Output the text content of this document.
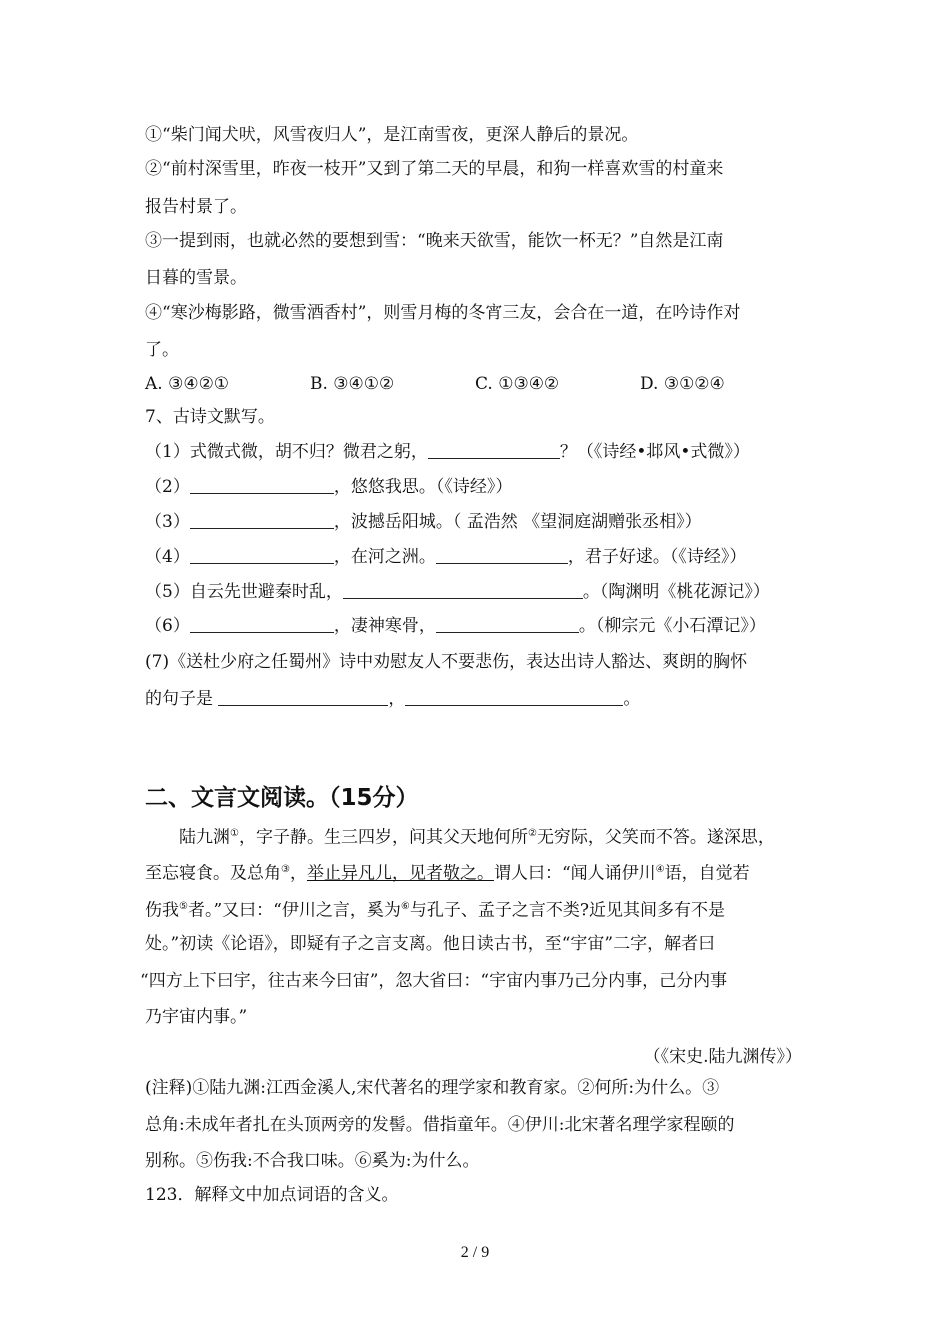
①“柴门闻犬吠，风雪夜归人”，是江南雪夜，更深人静后的景况。
②“前村深雪里，昨夜一枝开”又到了第二天的早晨，和狗一样喜欢雪的村童来
报告村景了。
③一提到雨，也就必然的要想到雪：“晚来天欲雪，能饮一杯无？”自然是江南
日暮的雪景。
④“寒沙梅影路，微雪酒香村”，则雪月梅的冬宵三友，会合在一道，在吟诗作对
了。
A. ③④②①	B. ③④①②	C. ①③④②	D. ③①②④
7、古诗文默写。
（1）式微式微，胡不归？微君之躬，	？（《诗经•邶风•式微》）
（2）	，悠悠我思。（《诗经》）
（3）	，波撼岳阳城。（ 孟浩然 《望洞庭湖赠张丞相》）
（4）	，在河之洲。	，君子好逑。（《诗经》）
（5）自云先世避秦时乱，	。（陶渊明《桃花源记》）
（6）	，凄神寒骨，	。（柳宗元《小石潭记》）
(7)《送杜少府之任蜀州》诗中劝慰友人不要悲伤，表达出诗人豁达、爽朗的胸怀
的句子是	，	。
二、文言文阅读。（15分）
陆九渊①，字子静。生三四岁，问其父天地何所②无穷际，父笑而不答。遂深思，
至忘寝食。及总角③，举止异凡儿，见者敬之。谓人曰：“闻人诵伊川④语，自觉若
伤我⑤者。”又曰：“伊川之言，奚为⑥与孔子、孟子之言不类?近见其间多有不是
处。”初读《论语》，即疑有子之言支离。他日读古书，至“宇宙”二字，解者曰
“四方上下曰宇，往古来今曰宙”，忽大省曰：“宇宙内事乃己分内事，己分内事
乃宇宙内事。”
（《宋史.陆九渊传》）
(注释)①陆九渊:江西金溪人,宋代著名的理学家和教育家。②何所:为什么。③
总角:未成年者扎在头顶两旁的发髻。借指童年。④伊川:北宋著名理学家程颐的
别称。⑤伤我:不合我口味。⑥奚为:为什么。
123．解释文中加点词语的含义。
2 / 9
